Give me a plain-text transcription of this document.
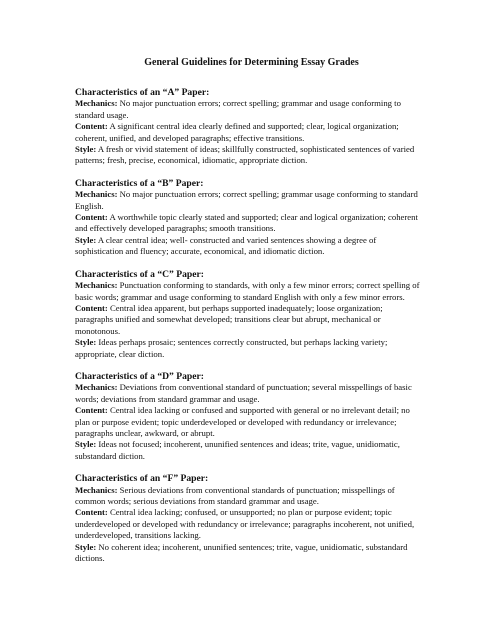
General Guidelines for Determining Essay Grades

Characteristics of an “A” Paper:

Mechanics: No major punctuation errors; correct spelling; grammar and usage conforming to standard usage.

Content: A significant central idea clearly defined and supported; clear, logical organization; coherent, unified, and developed paragraphs; effective transitions.

Style: A fresh or vivid statement of ideas; skillfully constructed, sophisticated sentences of varied patterns; fresh, precise, economical, idiomatic, appropriate diction.

Characteristics of a “B” Paper:

Mechanics: No major punctuation errors; correct spelling; grammar usage conforming to standard English.

Content: A worthwhile topic clearly stated and supported; clear and logical organization; coherent and effectively developed paragraphs; smooth transitions.

Style: A clear central idea; well- constructed and varied sentences showing a degree of sophistication and fluency; accurate, economical, and idiomatic diction.

Characteristics of a “C” Paper:

Mechanics: Punctuation conforming to standards, with only a few minor errors; correct spelling of basic words; grammar and usage conforming to standard English with only a few minor errors.

Content: Central idea apparent, but perhaps supported inadequately; loose organization; paragraphs unified and somewhat developed; transitions clear but abrupt, mechanical or monotonous.

Style: Ideas perhaps prosaic; sentences correctly constructed, but perhaps lacking variety; appropriate, clear diction.

Characteristics of a “D” Paper:

Mechanics: Deviations from conventional standard of punctuation; several misspellings of basic words; deviations from standard grammar and usage.

Content: Central idea lacking or confused and supported with general or no irrelevant detail; no plan or purpose evident; topic underdeveloped or developed with redundancy or irrelevance; paragraphs unclear, awkward, or abrupt.

Style: Ideas not focused; incoherent, ununified sentences and ideas; trite, vague, unidiomatic, substandard diction.

Characteristics of an “F” Paper:

Mechanics: Serious deviations from conventional standards of punctuation; misspellings of common words; serious deviations from standard grammar and usage.

Content: Central idea lacking; confused, or unsupported; no plan or purpose evident; topic underdeveloped or developed with redundancy or irrelevance; paragraphs incoherent, not unified, underdeveloped, transitions lacking.

Style: No coherent idea; incoherent, ununified sentences; trite, vague, unidiomatic, substandard dictions.
